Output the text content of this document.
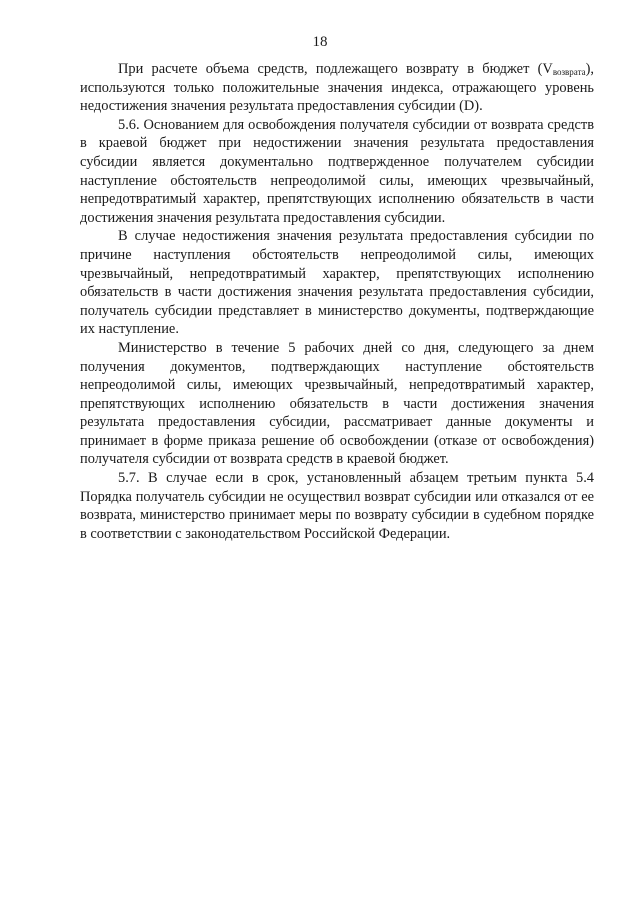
18

При расчете объема средств, подлежащего возврату в бюджет $(V_{возврата})$, используются только положительные значения индекса, отражающего уровень недостижения значения результата предоставления субсидии (D).

5.6. Основанием для освобождения получателя субсидии от возврата средств в краевой бюджет при недостижении значения результата предоставления субсидии является документально подтвержденное получателем субсидии наступление обстоятельств непреодолимой силы, имеющих чрезвычайный, непредотвратимый характер, препятствующих исполнению обязательств в части достижения значения результата предоставления субсидии.

В случае недостижения значения результата предоставления субсидии по причине наступления обстоятельств непреодолимой силы, имеющих чрезвычайный, непредотвратимый характер, препятствующих исполнению обязательств в части достижения значения результата предоставления субсидии, получатель субсидии представляет в министерство документы, подтверждающие их наступление.

Министерство в течение 5 рабочих дней со дня, следующего за днем получения документов, подтверждающих наступление обстоятельств непреодолимой силы, имеющих чрезвычайный, непредотвратимый характер, препятствующих исполнению обязательств в части достижения значения результата предоставления субсидии, рассматривает данные документы и принимает в форме приказа решение об освобождении (отказе от освобождения) получателя субсидии от возврата средств в краевой бюджет.

5.7. В случае если в срок, установленный абзацем третьим пункта 5.4 Порядка получатель субсидии не осуществил возврат субсидии или отказался от ее возврата, министерство принимает меры по возврату субсидии в судебном порядке в соответствии с законодательством Российской Федерации.
